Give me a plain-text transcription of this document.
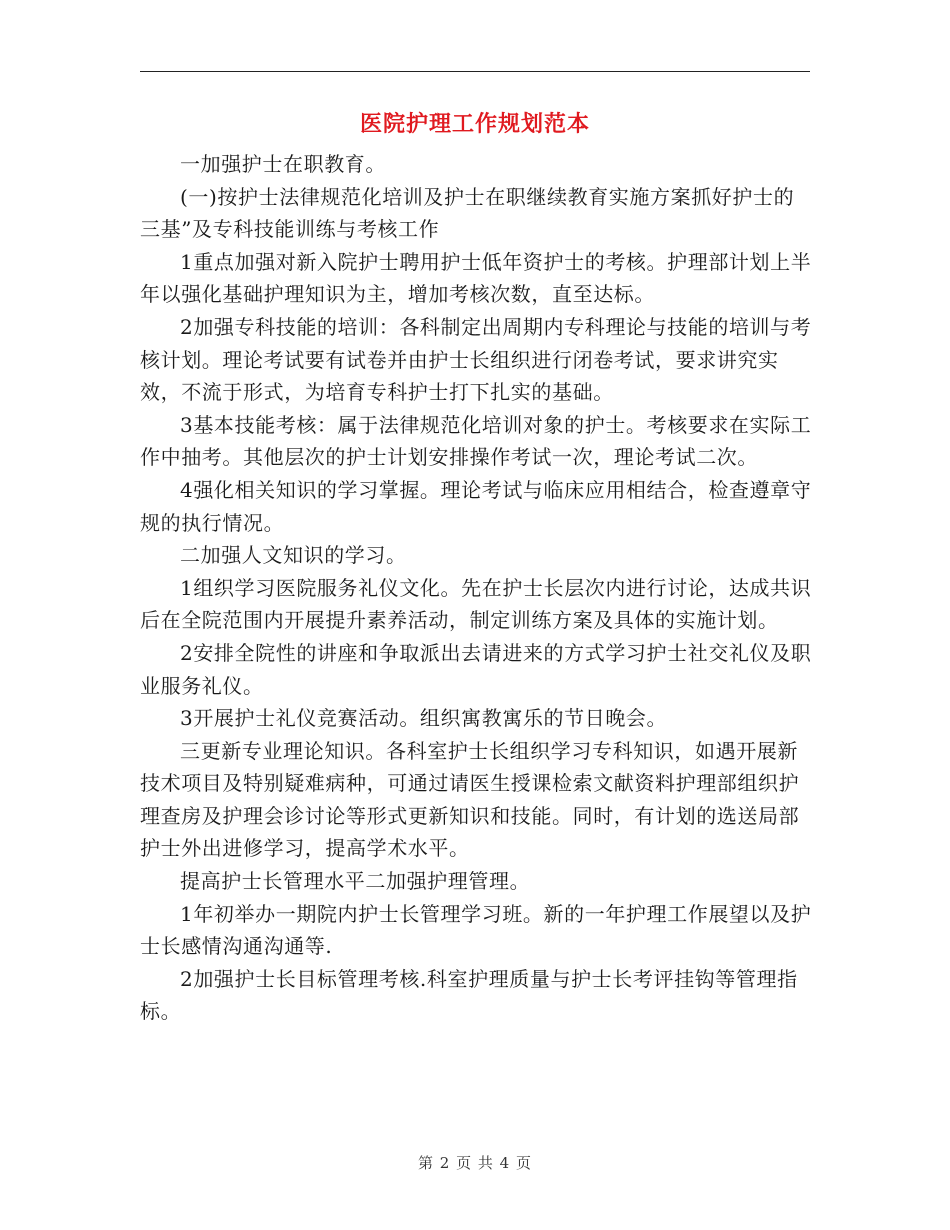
医院护理工作规划范本

一加强护士在职教育。

(一)按护士法律规范化培训及护士在职继续教育实施方案抓好护士的三基”及专科技能训练与考核工作

1重点加强对新入院护士聘用护士低年资护士的考核。护理部计划上半年以强化基础护理知识为主，增加考核次数，直至达标。

2加强专科技能的培训：各科制定出周期内专科理论与技能的培训与考核计划。理论考试要有试卷并由护士长组织进行闭卷考试，要求讲究实效，不流于形式，为培育专科护士打下扎实的基础。

3基本技能考核：属于法律规范化培训对象的护士。考核要求在实际工作中抽考。其他层次的护士计划安排操作考试一次，理论考试二次。

4强化相关知识的学习掌握。理论考试与临床应用相结合，检查遵章守规的执行情况。

二加强人文知识的学习。

1组织学习医院服务礼仪文化。先在护士长层次内进行讨论，达成共识后在全院范围内开展提升素养活动，制定训练方案及具体的实施计划。

2安排全院性的讲座和争取派出去请进来的方式学习护士社交礼仪及职业服务礼仪。

3开展护士礼仪竞赛活动。组织寓教寓乐的节日晚会。

三更新专业理论知识。各科室护士长组织学习专科知识，如遇开展新技术项目及特别疑难病种，可通过请医生授课检索文献资料护理部组织护理查房及护理会诊讨论等形式更新知识和技能。同时，有计划的选送局部护士外出进修学习，提高学术水平。

提高护士长管理水平二加强护理管理。

1年初举办一期院内护士长管理学习班。新的一年护理工作展望以及护士长感情沟通沟通等.

2加强护士长目标管理考核.科室护理质量与护士长考评挂钩等管理指标。

第 2 页 共 4 页
